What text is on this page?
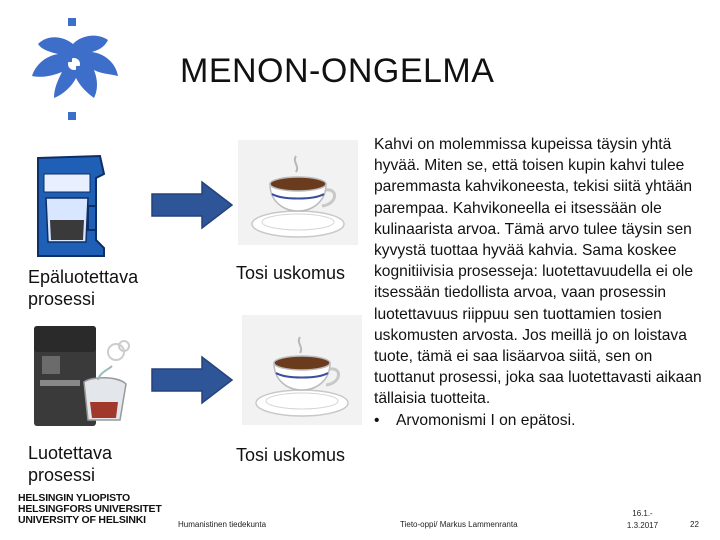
MENON-ONGELMA
Epäluotettava prosessi
Tosi uskomus
Luotettava prosessi
Tosi uskomus
Kahvi on molemmissa kupeissa täysin yhtä hyvää. Miten se, että toisen kupin kahvi tulee paremmasta kahvikoneesta, tekisi siitä yhtään parempaa. Kahvikoneella ei itsessään ole kulinaarista arvoa. Tämä arvo tulee täysin sen kyvystä tuottaa hyvää kahvia. Sama koskee kognitiivisia prosesseja: luotettavuudella ei ole itsessään tiedollista arvoa, vaan prosessin luotettavuus riippuu sen tuottamien tosien uskomusten arvosta. Jos meillä jo on loistava tuote, tämä ei saa lisäarvoa siitä, sen on tuottanut prosessi, joka saa luotettavasti aikaan tällaisia tuotteita.
•	Arvomonismi I on epätosi.
HELSINGIN YLIOPISTO
HELSINGFORS UNIVERSITET
UNIVERSITY OF HELSINKI	Humanistinen tiedekunta	Tieto-oppi/ Markus Lammenranta
16.1.-
1.3.2017	22
